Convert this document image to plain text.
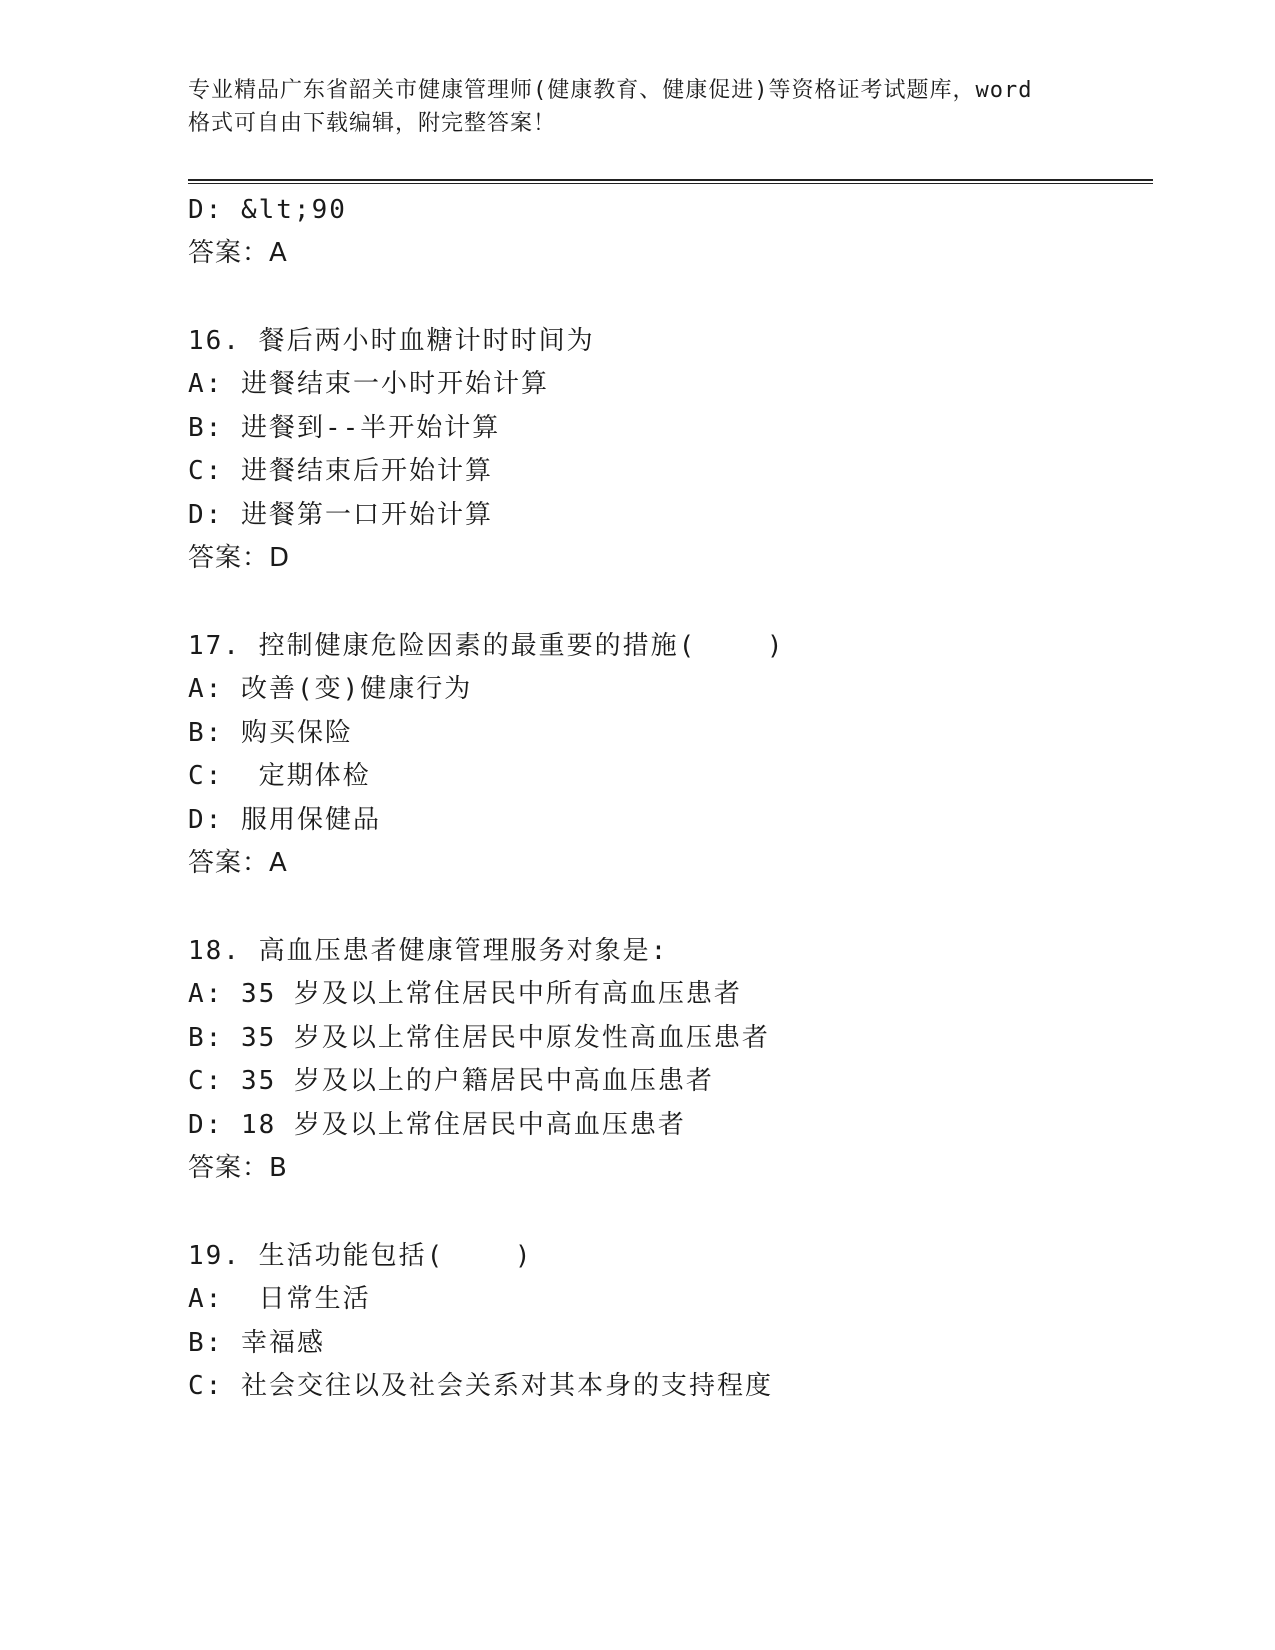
专业精品广东省韶关市健康管理师(健康教育、健康促进)等资格证考试题库，word
格式可自由下载编辑，附完整答案！
D: &lt;90
答案：A
16. 餐后两小时血糖计时时间为
A: 进餐结束一小时开始计算
B: 进餐到--半开始计算
C: 进餐结束后开始计算
D: 进餐第一口开始计算
答案：D
17. 控制健康危险因素的最重要的措施(    )
A: 改善(变)健康行为
B: 购买保险
C:  定期体检
D: 服用保健品
答案：A
18. 高血压患者健康管理服务对象是:
A: 35 岁及以上常住居民中所有高血压患者
B: 35 岁及以上常住居民中原发性高血压患者
C: 35 岁及以上的户籍居民中高血压患者
D: 18 岁及以上常住居民中高血压患者
答案：B
19. 生活功能包括(    )
A:  日常生活
B: 幸福感
C: 社会交往以及社会关系对其本身的支持程度
